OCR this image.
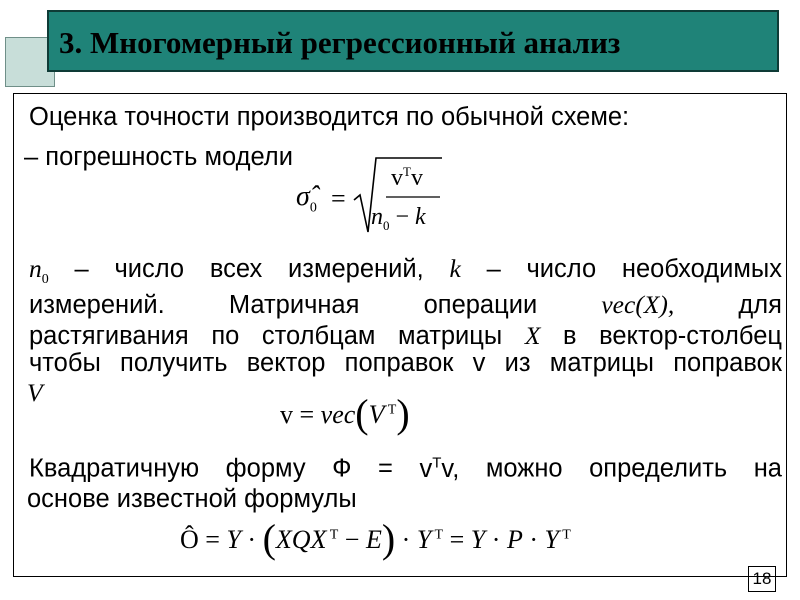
3. Многомерный регрессионный анализ
Оценка точности производится по обычной схеме:
– погрешность модели
$\sigmâ_0$ =
$v^Tv$
$n_0 - k$
$n_0$ – число всех измерений, k – число необходимых
измерений.	Матричная	операции	vec(X),	для
растягивания по столбцам матрицы X в вектор-столбец
чтобы получить вектор поправок v из матрицы поправок
V
v = vec(V $^T$)
Квадратичную форму $Ф = v^Tv$, можно определить на
основе известной формулы
Ô = Y · (XQX $^T$ − E) · Y $^T$ = Y · P · Y $^T$
18
